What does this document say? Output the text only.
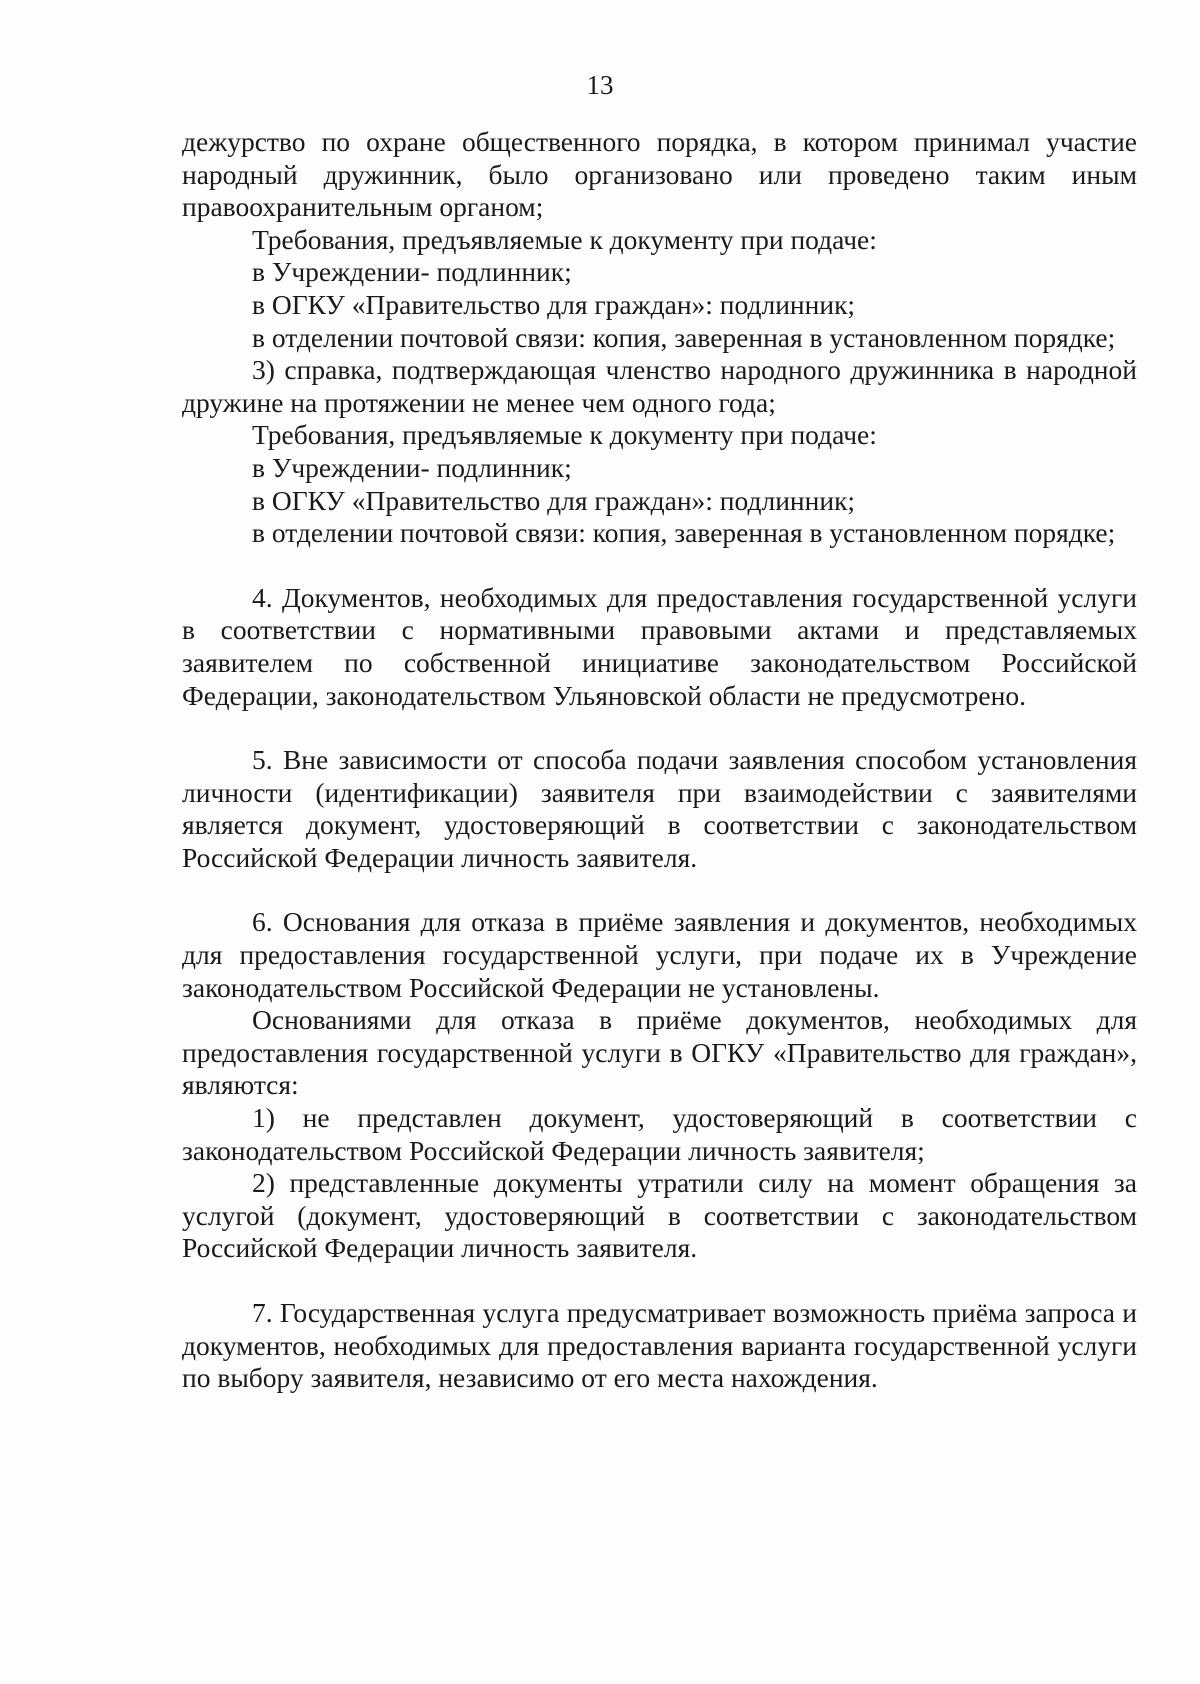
13

дежурство по охране общественного порядка, в котором принимал участие народный дружинник, было организовано или проведено таким иным правоохранительным органом;

Требования, предъявляемые к документу при подаче:

в Учреждении- подлинник;

в ОГКУ «Правительство для граждан»: подлинник;

в отделении почтовой связи: копия, заверенная в установленном порядке;

3) справка, подтверждающая членство народного дружинника в народной дружине на протяжении не менее чем одного года;

Требования, предъявляемые к документу при подаче:

в Учреждении- подлинник;

в ОГКУ «Правительство для граждан»: подлинник;

в отделении почтовой связи: копия, заверенная в установленном порядке;

4. Документов, необходимых для предоставления государственной услуги в соответствии с нормативными правовыми актами и представляемых заявителем по собственной инициативе законодательством Российской Федерации, законодательством Ульяновской области не предусмотрено.

5. Вне зависимости от способа подачи заявления способом установления личности (идентификации) заявителя при взаимодействии с заявителями является документ, удостоверяющий в соответствии с законодательством Российской Федерации личность заявителя.

6. Основания для отказа в приёме заявления и документов, необходимых для предоставления государственной услуги, при подаче их в Учреждение законодательством Российской Федерации не установлены.

Основаниями для отказа в приёме документов, необходимых для предоставления государственной услуги в ОГКУ «Правительство для граждан», являются:

1) не представлен документ, удостоверяющий в соответствии с законодательством Российской Федерации личность заявителя;

2) представленные документы утратили силу на момент обращения за услугой (документ, удостоверяющий в соответствии с законодательством Российской Федерации личность заявителя.

7. Государственная услуга предусматривает возможность приёма запроса и документов, необходимых для предоставления варианта государственной услуги по выбору заявителя, независимо от его места нахождения.
